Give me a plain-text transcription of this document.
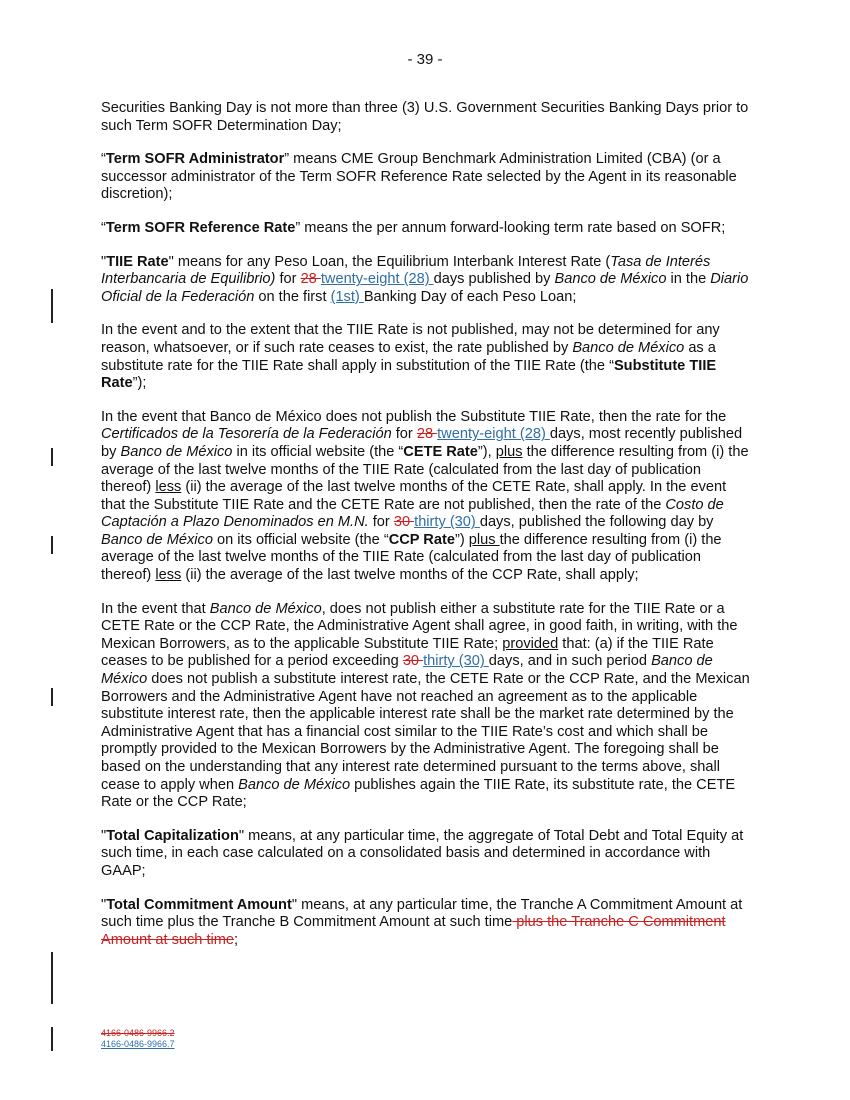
- 39 -

Securities Banking Day is not more than three (3) U.S. Government Securities Banking Days prior to such Term SOFR Determination Day;

“Term SOFR Administrator” means CME Group Benchmark Administration Limited (CBA) (or a successor administrator of the Term SOFR Reference Rate selected by the Agent in its reasonable discretion);

“Term SOFR Reference Rate” means the per annum forward-looking term rate based on SOFR;

"TIIE Rate" means for any Peso Loan, the Equilibrium Interbank Interest Rate (Tasa de Interés Interbancaria de Equilibrio) for 28 twenty-eight (28) days published by Banco de México in the Diario Oficial de la Federación on the first (1st) Banking Day of each Peso Loan;

In the event and to the extent that the TIIE Rate is not published, may not be determined for any reason, whatsoever, or if such rate ceases to exist, the rate published by Banco de México as a substitute rate for the TIIE Rate shall apply in substitution of the TIIE Rate (the “Substitute TIIE Rate”);

In the event that Banco de México does not publish the Substitute TIIE Rate, then the rate for the Certificados de la Tesorería de la Federación for 28 twenty-eight (28) days, most recently published by Banco de México in its official website (the “CETE Rate”), plus the difference resulting from (i) the average of the last twelve months of the TIIE Rate (calculated from the last day of publication thereof) less (ii) the average of the last twelve months of the CETE Rate, shall apply. In the event that the Substitute TIIE Rate and the CETE Rate are not published, then the rate of the Costo de Captación a Plazo Denominados en M.N. for 30 thirty (30) days, published the following day by Banco de México on its official website (the “CCP Rate”) plus the difference resulting from (i) the average of the last twelve months of the TIIE Rate (calculated from the last day of publication thereof) less (ii) the average of the last twelve months of the CCP Rate, shall apply;

In the event that Banco de México, does not publish either a substitute rate for the TIIE Rate or a CETE Rate or the CCP Rate, the Administrative Agent shall agree, in good faith, in writing, with the Mexican Borrowers, as to the applicable Substitute TIIE Rate; provided that: (a) if the TIIE Rate ceases to be published for a period exceeding 30 thirty (30) days, and in such period Banco de México does not publish a substitute interest rate, the CETE Rate or the CCP Rate, and the Mexican Borrowers and the Administrative Agent have not reached an agreement as to the applicable substitute interest rate, then the applicable interest rate shall be the market rate determined by the Administrative Agent that has a financial cost similar to the TIIE Rate’s cost and which shall be promptly provided to the Mexican Borrowers by the Administrative Agent. The foregoing shall be based on the understanding that any interest rate determined pursuant to the terms above, shall cease to apply when Banco de México publishes again the TIIE Rate, its substitute rate, the CETE Rate or the CCP Rate;

"Total Capitalization" means, at any particular time, the aggregate of Total Debt and Total Equity at such time, in each case calculated on a consolidated basis and determined in accordance with GAAP;

"Total Commitment Amount" means, at any particular time, the Tranche A Commitment Amount at such time plus the Tranche B Commitment Amount at such time plus the Tranche C Commitment Amount at such time;

4166-0486-9966.2
4166-0486-9966.7
